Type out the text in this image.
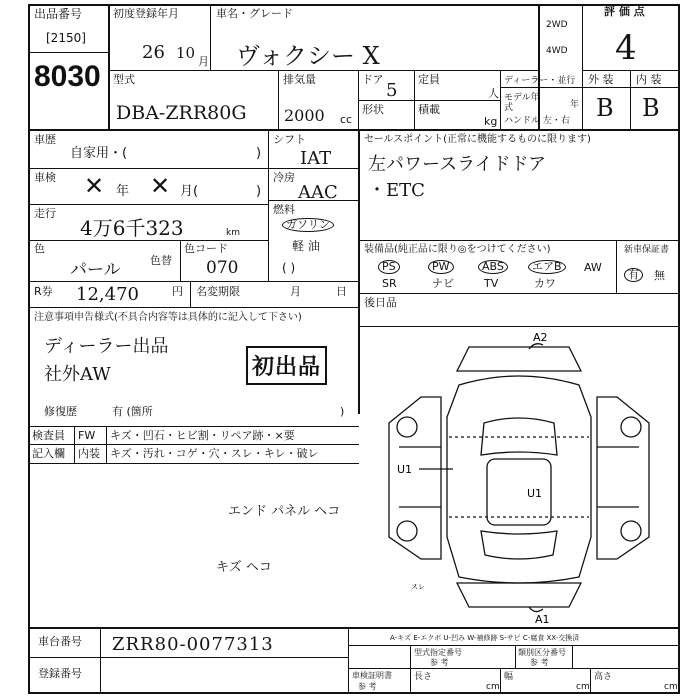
出品番号
[2150]
8030
初度登録年月
26 10 月
車名・グレード
ヴォクシー X
2WD
4WD
評 価 点
4
外 装 内 装
B B
型式
DBA-ZRR80G
排気量
2000 cc
ドア
5
形状
定員
人
積載
kg
ディーラー・並行
モデル年式	年
ハンドル 左・右
車歴
自家用・(	)
車検 ✕ 年 ✕ 月(	)
走行
4万6千323	km
色
パール	色替
色コード
070
シフト
IAT
冷房
AAC
燃料
ガソリン
軽 油
( )
R券 12,470	円 名変期限	月	日
注意事項申告様式(不具合内容等は具体的に記入して下さい)
ディーラー出品
社外AW	初出品
修復歴	有 (箇所	)
検査員 FW キズ・凹石・ヒビ割・リペア跡・×要
記入欄 内装 キズ・汚れ・コゲ・穴・スレ・キレ・破レ
エンド パネル ヘコ
キズ ヘコ
セールスポイント(正常に機能するものに限ります)
左パワースライドドア
・ETC
装備品(純正品に限り◎をつけてください)	新車保証書
PS	PW	ABS	エアB	AW
SR	ナビ	TV	カワ
有	無
後日品
A2
U1
U1
A1
スレ
車台番号 ZRR80-0077313
登録番号
A-キズ E-エクボ U-凹み W-補修跡 S-サビ C-腐食 XX-交換済
型式指定番号
参 考
類別区分番号
参 考
車検証明書
参 考
長さ
cm
幅
cm
高さ
cm
